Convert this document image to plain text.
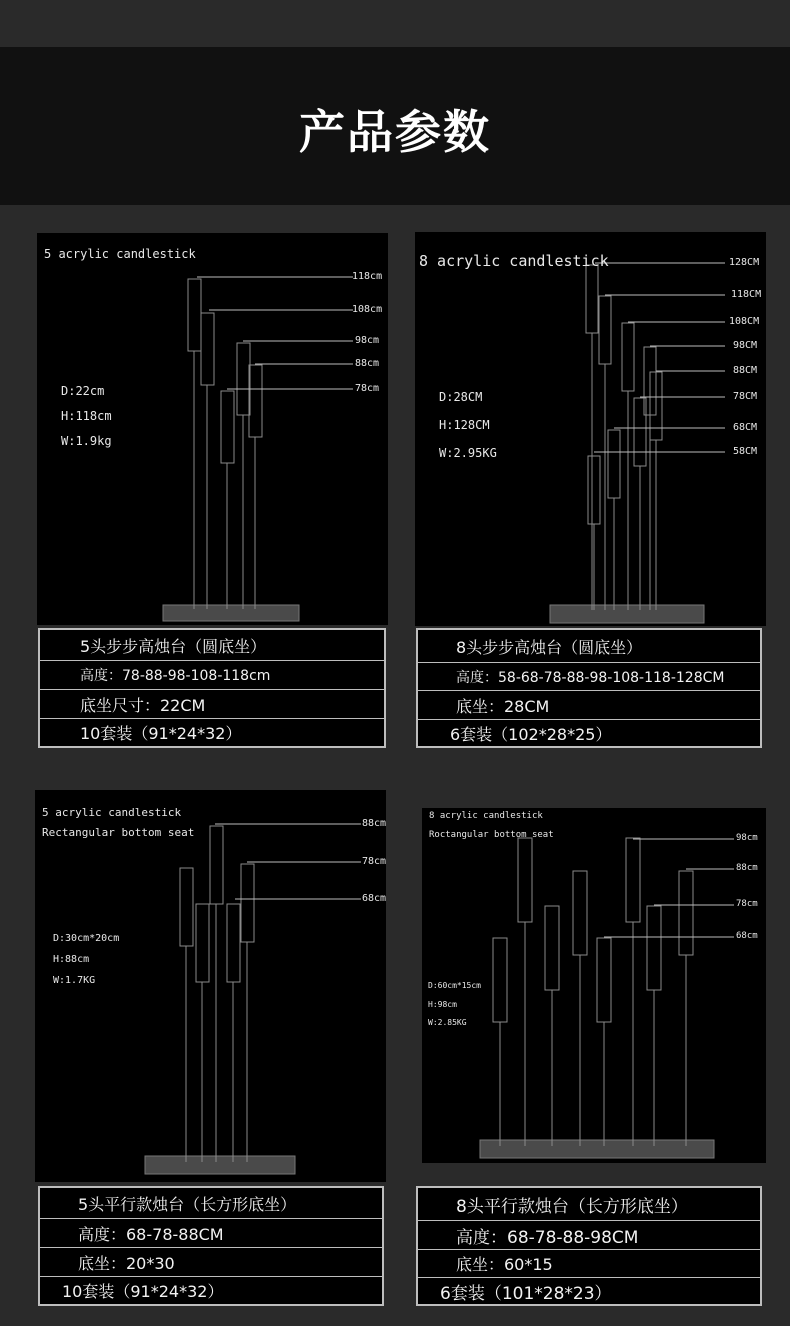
产品参数
5 acrylic candlestick
D:22cm
H:118cm
W:1.9kg
118cm
108cm
98cm
88cm
78cm
5头步步高烛台（圆底坐）
高度：78-88-98-108-118cm
底坐尺寸：22CM
10套装（91*24*32）
8 acrylic candlestick
D:28CM
H:128CM
W:2.95KG
128CM
118CM
108CM
98CM
88CM
78CM
68CM
58CM
8头步步高烛台（圆底坐）
高度：58-68-78-88-98-108-118-128CM
底坐：28CM
6套装（102*28*25）
5 acrylic candlestick
Rectangular bottom seat
D:30cm*20cm
H:88cm
W:1.7KG
88cm
78cm
68cm
5头平行款烛台（长方形底坐）
高度：68-78-88CM
底坐：20*30
10套装（91*24*32）
8 acrylic candlestick
Roctangular bottom seat
D:60cm*15cm
H:98cm
W:2.85KG
98cm
88cm
78cm
68cm
8头平行款烛台（长方形底坐）
高度：68-78-88-98CM
底坐：60*15
6套装（101*28*23）
